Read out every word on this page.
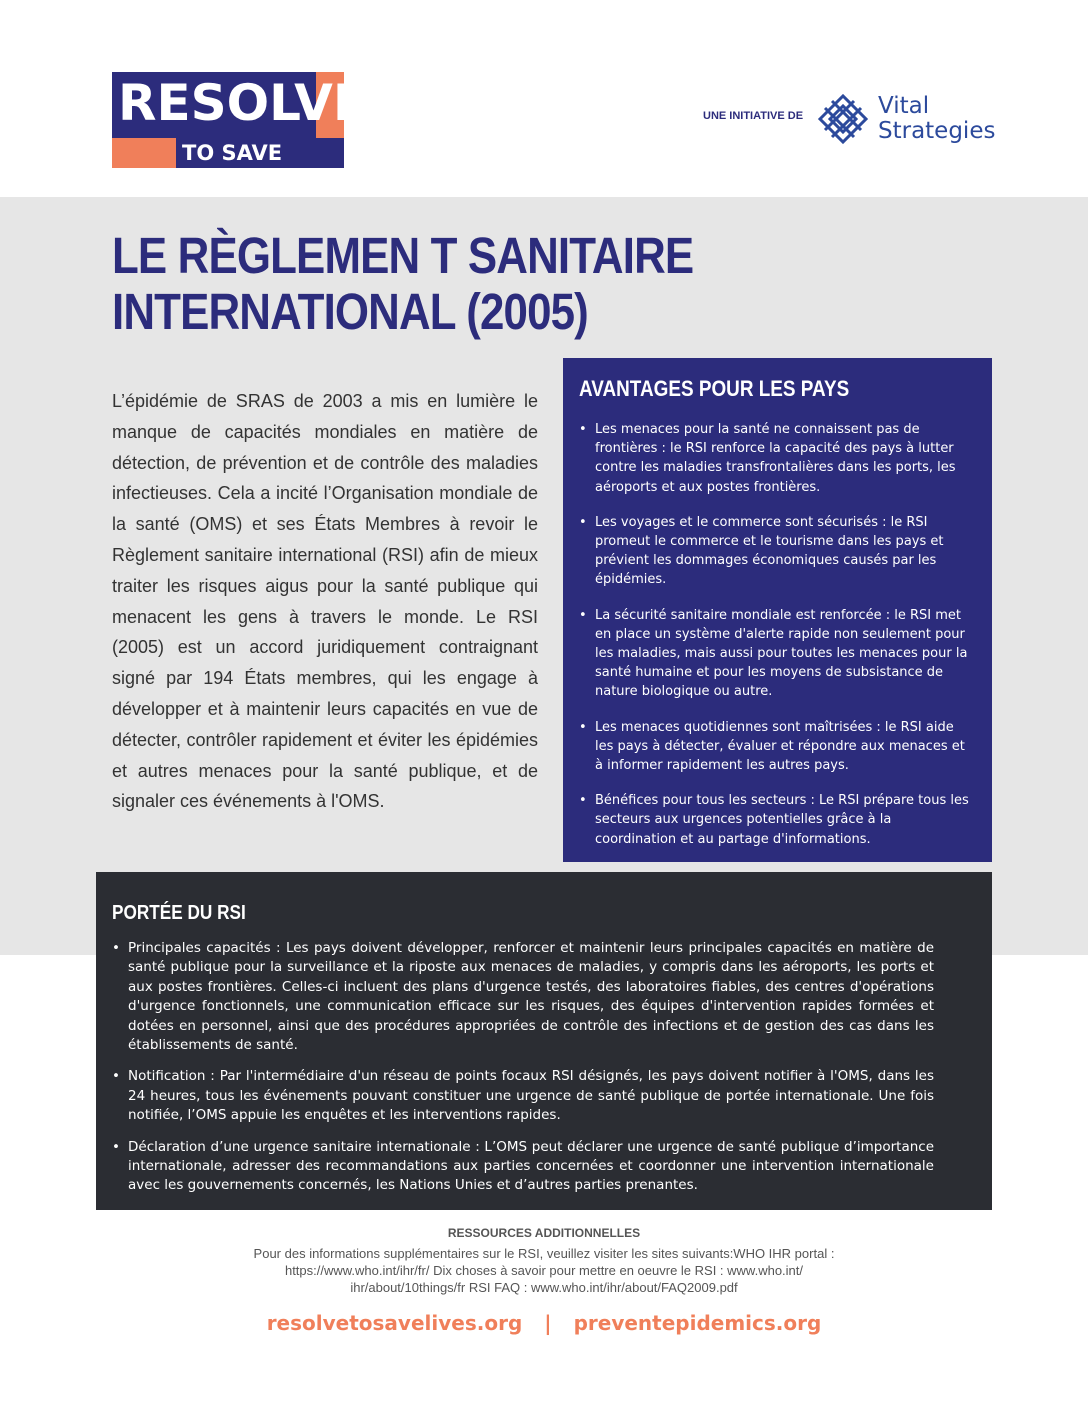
RESOLVE
TO SAVE LIVES
UNE INITIATIVE DE	Vital
Strategies
LE RÈGLEMEN T SANITAIRE
INTERNATIONAL (2005)

L’épidémie de SRAS de 2003 a mis en lumière le manque de capacités mondiales en matière de détection, de prévention et de contrôle des maladies infectieuses. Cela a incité l’Organisation mondiale de la santé (OMS) et ses États Membres à revoir le Règlement sanitaire international (RSI) afin de mieux traiter les risques aigus pour la santé publique qui menacent les gens à travers le monde. Le RSI (2005) est un accord juridiquement contraignant signé par 194 États membres, qui les engage à développer et à maintenir leurs capacités en vue de détecter, contrôler rapidement et éviter les épidémies et autres menaces pour la santé publique, et de signaler ces événements à l'OMS.

AVANTAGES POUR LES PAYS
• Les menaces pour la santé ne connaissent pas de frontières : le RSI renforce la capacité des pays à lutter contre les maladies transfrontalières dans les ports, les aéroports et aux postes frontières.
• Les voyages et le commerce sont sécurisés : le RSI promeut le commerce et le tourisme dans les pays et prévient les dommages économiques causés par les épidémies.
• La sécurité sanitaire mondiale est renforcée : le RSI met en place un système d'alerte rapide non seulement pour les maladies, mais aussi pour toutes les menaces pour la santé humaine et pour les moyens de subsistance de nature biologique ou autre.
• Les menaces quotidiennes sont maîtrisées : le RSI aide les pays à détecter, évaluer et répondre aux menaces et à informer rapidement les autres pays.
• Bénéfices pour tous les secteurs : Le RSI prépare tous les secteurs aux urgences potentielles grâce à la coordination et au partage d'informations.
PORTÉE DU RSI
• Principales capacités : Les pays doivent développer, renforcer et maintenir leurs principales capacités en matière de santé publique pour la surveillance et la riposte aux menaces de maladies, y compris dans les aéroports, les ports et aux postes frontières. Celles-ci incluent des plans d'urgence testés, des laboratoires fiables, des centres d'opérations d'urgence fonctionnels, une communication efficace sur les risques, des équipes d'intervention rapides formées et dotées en personnel, ainsi que des procédures appropriées de contrôle des infections et de gestion des cas dans les établissements de santé.
• Notification : Par l'intermédiaire d'un réseau de points focaux RSI désignés, les pays doivent notifier à l'OMS, dans les 24 heures, tous les événements pouvant constituer une urgence de santé publique de portée internationale. Une fois notifiée, l’OMS appuie les enquêtes et les interventions rapides.
• Déclaration d’une urgence sanitaire internationale : L’OMS peut déclarer une urgence de santé publique d’importance internationale, adresser des recommandations aux parties concernées et coordonner une intervention internationale avec les gouvernements concernés, les Nations Unies et d’autres parties prenantes.
RESSOURCES ADDITIONNELLES
Pour des informations supplémentaires sur le RSI, veuillez visiter les sites suivants:WHO IHR portal : https://www.who.int/ihr/fr/ Dix choses à savoir pour mettre en oeuvre le RSI : www.who.int/ ihr/about/10things/fr RSI FAQ : www.who.int/ihr/about/FAQ2009.pdf
resolvetosavelives.org | preventepidemics.org
